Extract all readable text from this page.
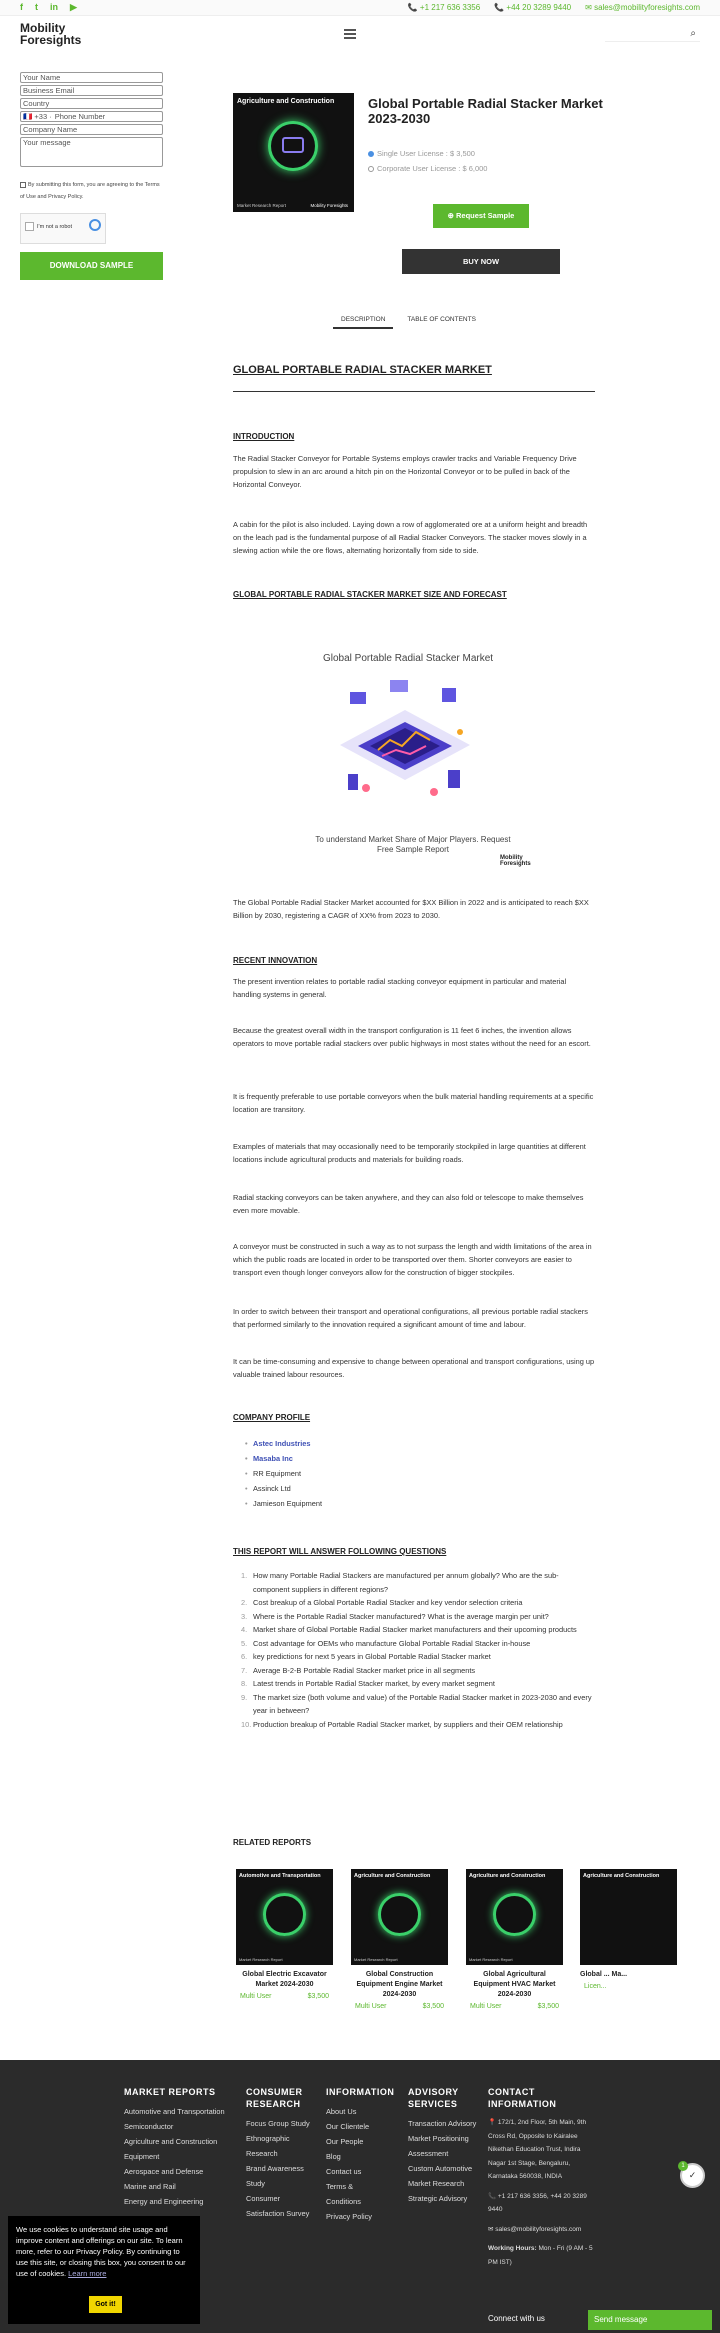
f t in ▶	📞 +1 217 636 3356 📞 +44 20 3289 9440 ✉ sales@mobilityforesights.com
Mobility
Foresights	⌕
Your Name
Business Email
Country
🇫🇷 +33 · Phone Number
Company Name
Your message
By submitting this form, you are agreeing to the Terms of Use and Privacy Policy.
I'm not a robot
DOWNLOAD SAMPLE
Agriculture and Construction
Market Research Report	Mobility Foresights
Global Portable Radial Stacker Market 2023-2030
Single User License : $ 3,500
Corporate User License : $ 6,000
⊕ Request Sample
BUY NOW
DESCRIPTION	TABLE OF CONTENTS
GLOBAL PORTABLE RADIAL STACKER MARKET
INTRODUCTION
The Radial Stacker Conveyor for Portable Systems employs crawler tracks and Variable Frequency Drive propulsion to slew in an arc around a hitch pin on the Horizontal Conveyor or to be pulled in back of the Horizontal Conveyor.
A cabin for the pilot is also included. Laying down a row of agglomerated ore at a uniform height and breadth on the leach pad is the fundamental purpose of all Radial Stacker Conveyors. The stacker moves slowly in a slewing action while the ore flows, alternating horizontally from side to side.
GLOBAL PORTABLE RADIAL STACKER MARKET SIZE AND FORECAST
Global Portable Radial Stacker Market
To understand Market Share of Major Players. Request Free Sample Report
Mobility
Foresights
The Global Portable Radial Stacker Market accounted for $XX Billion in 2022 and is anticipated to reach $XX Billion by 2030, registering a CAGR of XX% from 2023 to 2030.
RECENT INNOVATION
The present invention relates to portable radial stacking conveyor equipment in particular and material handling systems in general.
Because the greatest overall width in the transport configuration is 11 feet 6 inches, the invention allows operators to move portable radial stackers over public highways in most states without the need for an escort.
It is frequently preferable to use portable conveyors when the bulk material handling requirements at a specific location are transitory.
Examples of materials that may occasionally need to be temporarily stockpiled in large quantities at different locations include agricultural products and materials for building roads.
Radial stacking conveyors can be taken anywhere, and they can also fold or telescope to make themselves even more movable.
A conveyor must be constructed in such a way as to not surpass the length and width limitations of the area in which the public roads are located in order to be transported over them. Shorter conveyors are easier to transport even though longer conveyors allow for the construction of bigger stockpiles.
In order to switch between their transport and operational configurations, all previous portable radial stackers that performed similarly to the innovation required a significant amount of time and labour.
It can be time-consuming and expensive to change between operational and transport configurations, using up valuable trained labour resources.
COMPANY PROFILE
• Astec Industries
• Masaba Inc
• RR Equipment
• Assinck Ltd
• Jamieson Equipment
THIS REPORT WILL ANSWER FOLLOWING QUESTIONS
1. How many Portable Radial Stackers are manufactured per annum globally? Who are the sub-component suppliers in different regions?
2. Cost breakup of a Global Portable Radial Stacker and key vendor selection criteria
3. Where is the Portable Radial Stacker manufactured? What is the average margin per unit?
4. Market share of Global Portable Radial Stacker market manufacturers and their upcoming products
5. Cost advantage for OEMs who manufacture Global Portable Radial Stacker in-house
6. key predictions for next 5 years in Global Portable Radial Stacker market
7. Average B-2-B Portable Radial Stacker market price in all segments
8. Latest trends in Portable Radial Stacker market, by every market segment
9. The market size (both volume and value) of the Portable Radial Stacker market in 2023-2030 and every year in between?
10. Production breakup of Portable Radial Stacker market, by suppliers and their OEM relationship
RELATED REPORTS
Automotive and Transportation
Market Research Report
Global Electric Excavator Market 2024-2030
Multi User	$3,500
Agriculture and Construction
Market Research Report
Global Construction Equipment Engine Market 2024-2030
Multi User	$3,500
Agriculture and Construction
Market Research Report
Global Agricultural Equipment HVAC Market 2024-2030
Multi User	$3,500
Agriculture and Construction
Global ... Ma...
Licen...
MARKET REPORTS
Automotive and Transportation
Semiconductor
Agriculture and Construction Equipment
Aerospace and Defense
Marine and Rail
Energy and Engineering
CONSUMER RESEARCH
Focus Group Study
Ethnographic Research
Brand Awareness Study
Consumer Satisfaction Survey
INFORMATION
About Us
Our Clientele
Our People
Blog
Contact us
Terms & Conditions
Privacy Policy
ADVISORY SERVICES
Transaction Advisory
Market Positioning Assessment
Custom Automotive Market Research
Strategic Advisory
CONTACT INFORMATION
📍 172/1, 2nd Floor, 5th Main, 9th Cross Rd, Opposite to Kairalee Nikethan Education Trust, Indira Nagar 1st Stage, Bengaluru, Karnataka 560038, INDIA
📞 +1 217 636 3356, +44 20 3289 9440
✉ sales@mobilityforesights.com
Working Hours: Mon - Fri (9 AM - 5 PM IST)
Connect with us	Send message
✓
1
We use cookies to understand site usage and improve content and offerings on our site. To learn more, refer to our Privacy Policy. By continuing to use this site, or closing this box, you consent to our use of cookies. Learn more
Got it!
